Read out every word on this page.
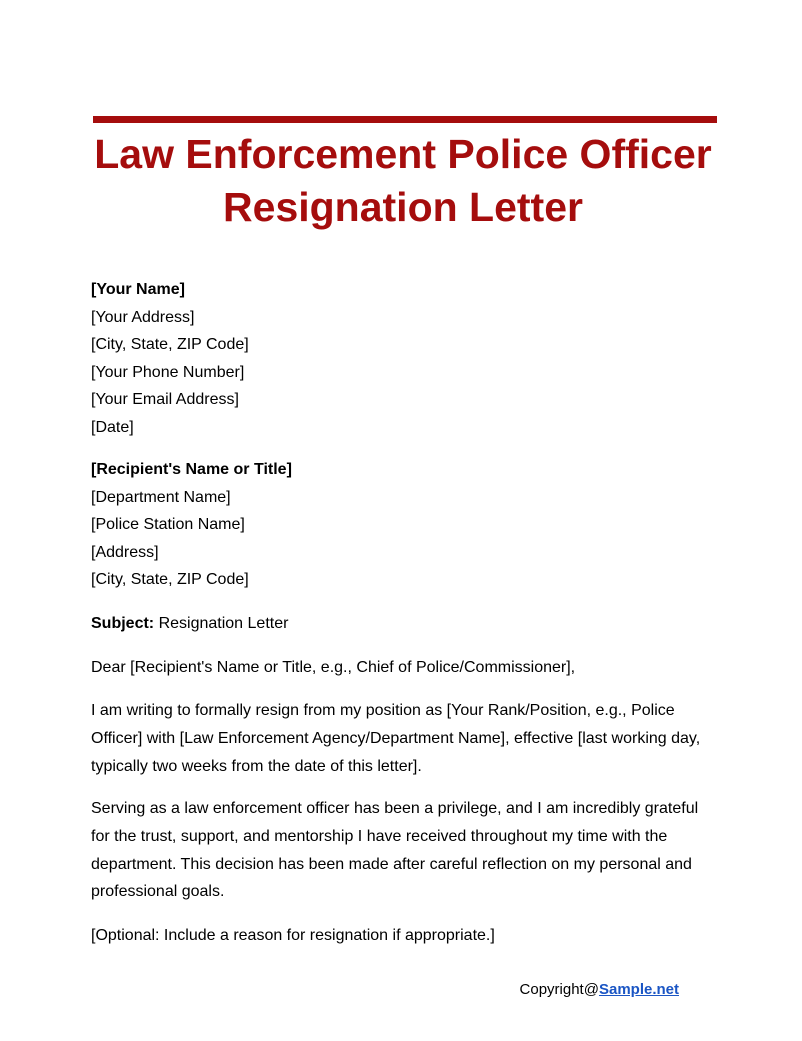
Law Enforcement Police Officer
Resignation Letter
[Your Name]
[Your Address]
[City, State, ZIP Code]
[Your Phone Number]
[Your Email Address]
[Date]
[Recipient's Name or Title]
[Department Name]
[Police Station Name]
[Address]
[City, State, ZIP Code]
Subject: Resignation Letter
Dear [Recipient's Name or Title, e.g., Chief of Police/Commissioner],

I am writing to formally resign from my position as [Your Rank/Position, e.g., Police Officer] with [Law Enforcement Agency/Department Name], effective [last working day, typically two weeks from the date of this letter].

Serving as a law enforcement officer has been a privilege, and I am incredibly grateful for the trust, support, and mentorship I have received throughout my time with the department. This decision has been made after careful reflection on my personal and professional goals.

[Optional: Include a reason for resignation if appropriate.]

Copyright@Sample.net
